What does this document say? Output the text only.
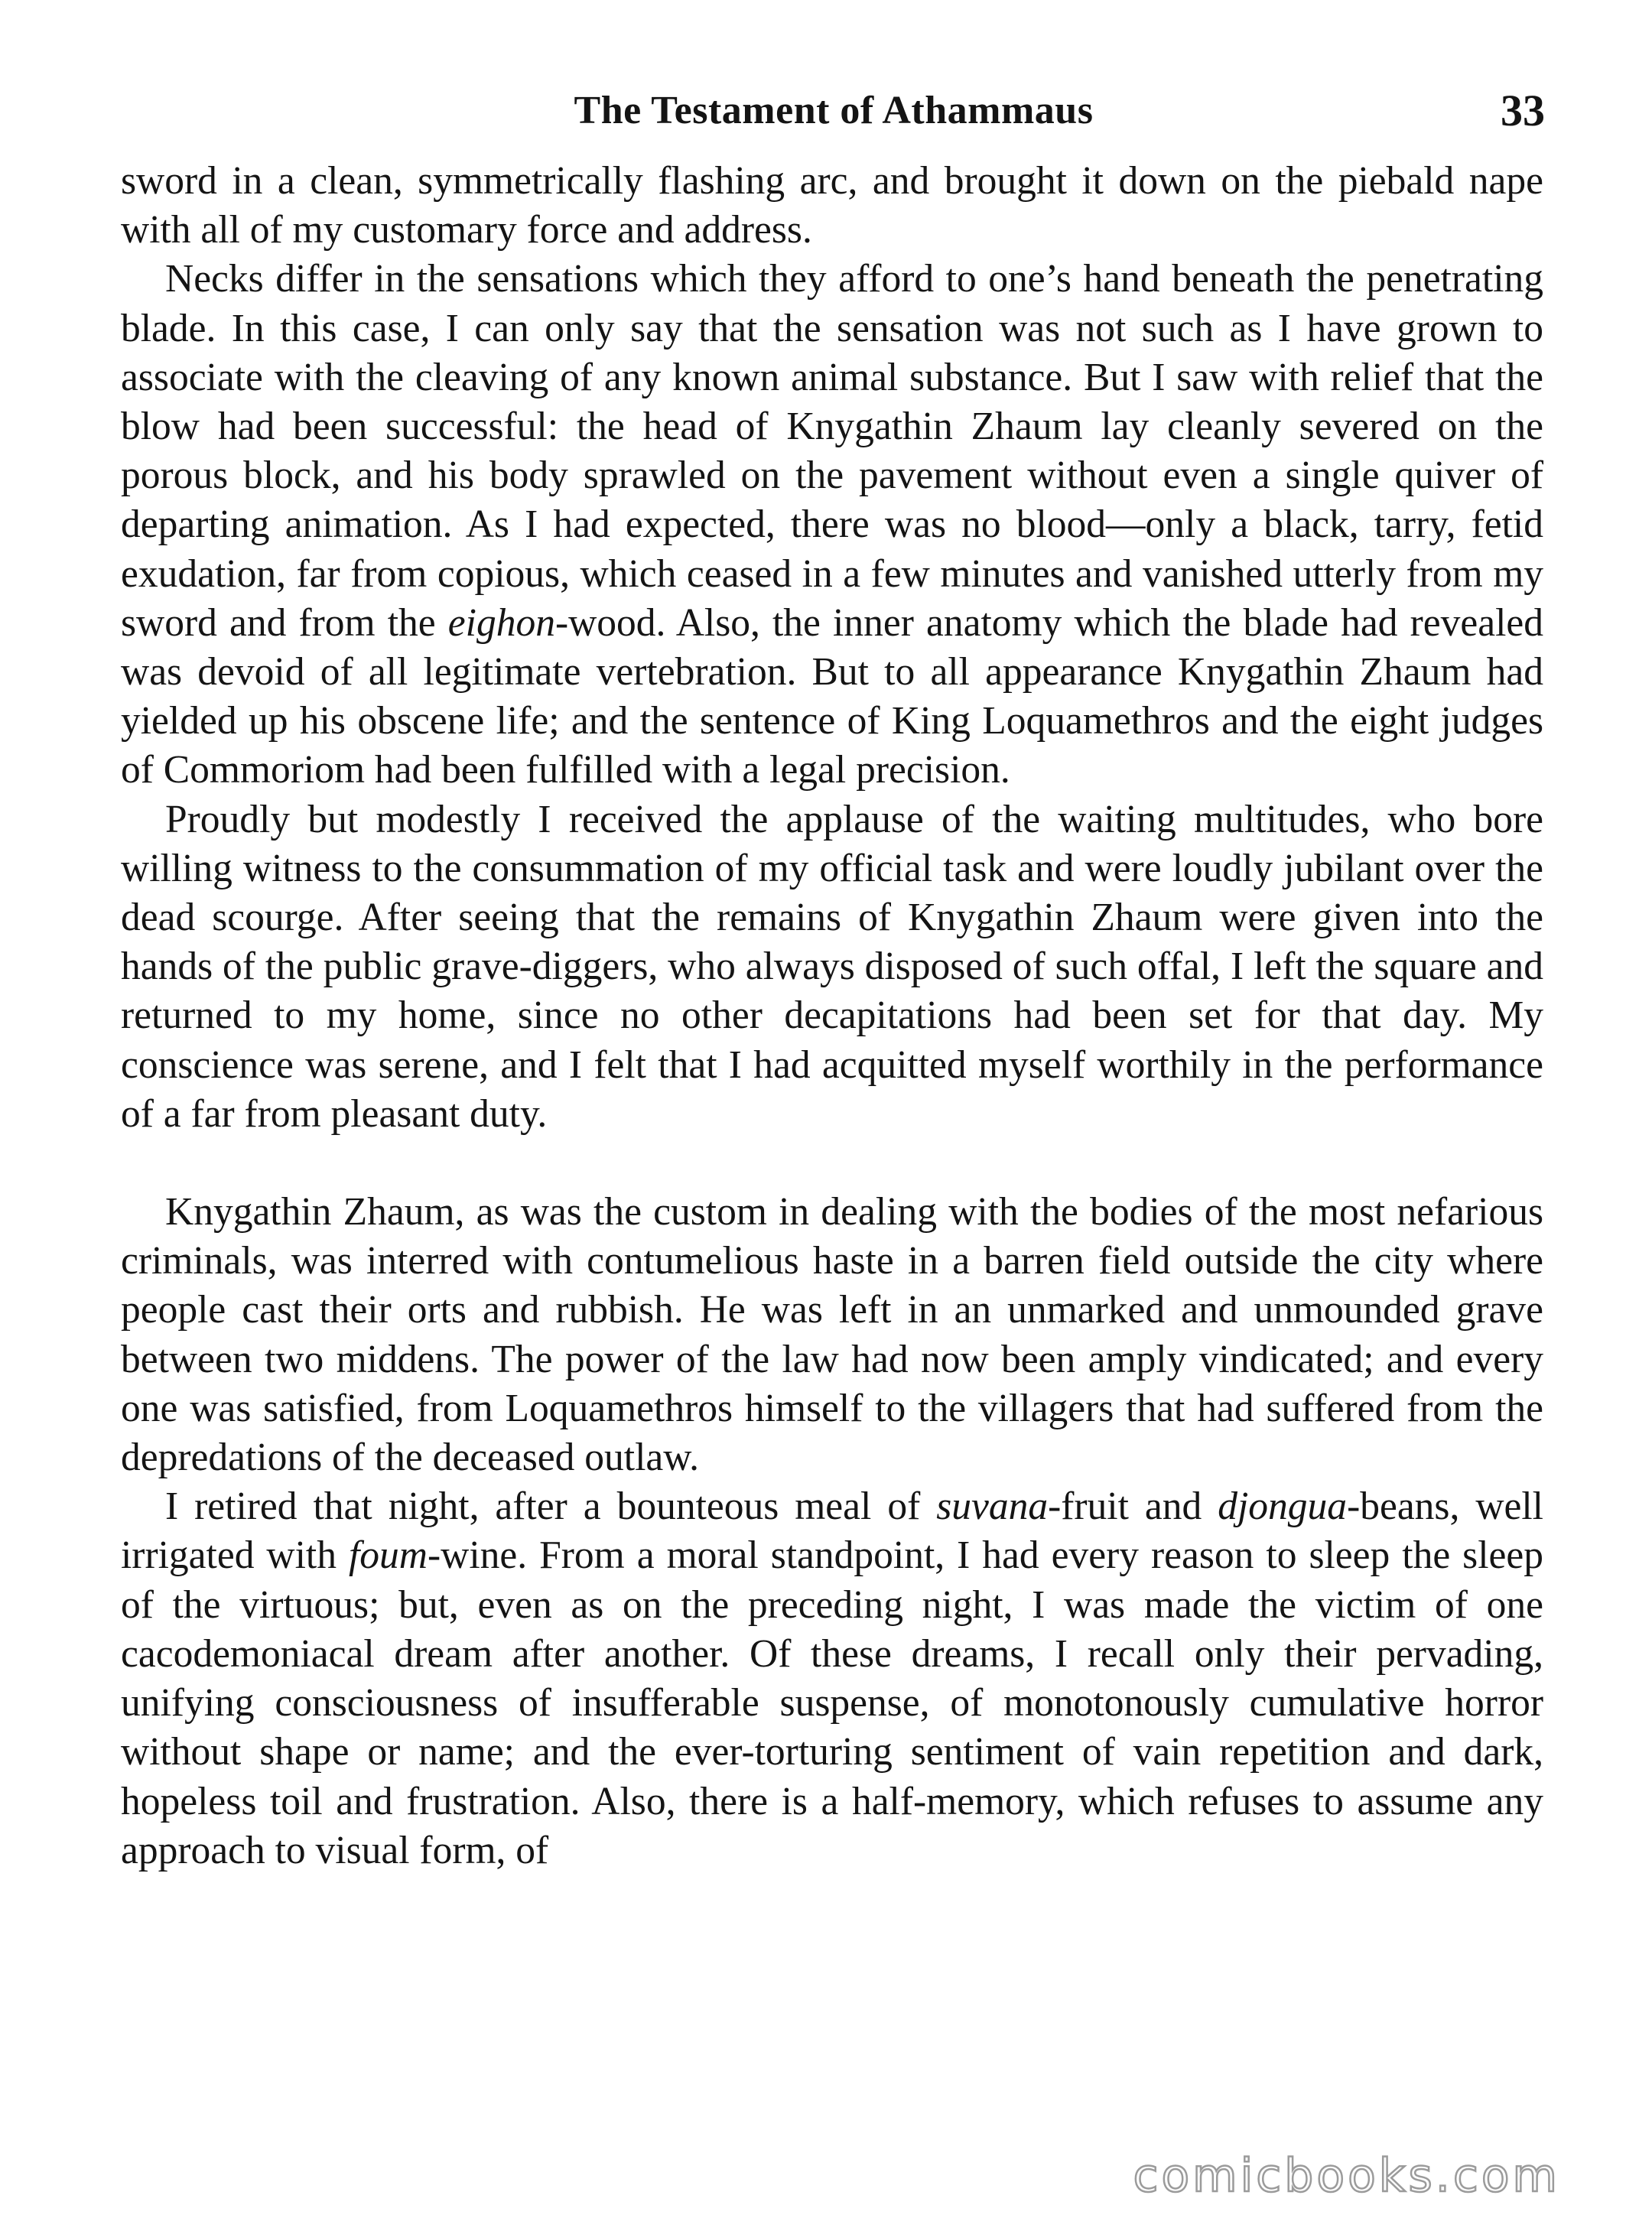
The Testament of Athammaus	33

sword in a clean, symmetrically flashing arc, and brought it down on the piebald nape with all of my customary force and address.

Necks differ in the sensations which they afford to one’s hand beneath the penetrating blade. In this case, I can only say that the sensation was not such as I have grown to associate with the cleaving of any known animal substance. But I saw with relief that the blow had been successful: the head of Knygathin Zhaum lay cleanly severed on the porous block, and his body sprawled on the pavement without even a single quiver of departing animation. As I had expected, there was no blood—only a black, tarry, fetid exudation, far from copious, which ceased in a few minutes and vanished utterly from my sword and from the eighon-wood. Also, the inner anatomy which the blade had revealed was devoid of all legitimate vertebration. But to all appearance Knygathin Zhaum had yielded up his obscene life; and the sentence of King Loquamethros and the eight judges of Commoriom had been fulfilled with a legal precision.

Proudly but modestly I received the applause of the waiting multitudes, who bore willing witness to the consummation of my official task and were loudly jubilant over the dead scourge. After seeing that the remains of Knygathin Zhaum were given into the hands of the public grave-diggers, who always disposed of such offal, I left the square and returned to my home, since no other decapitations had been set for that day. My conscience was serene, and I felt that I had acquitted myself worthily in the performance of a far from pleasant duty.

Knygathin Zhaum, as was the custom in dealing with the bodies of the most nefarious criminals, was interred with contumelious haste in a barren field outside the city where people cast their orts and rubbish. He was left in an unmarked and unmounded grave between two middens. The power of the law had now been amply vindicated; and every one was satisfied, from Loquamethros himself to the villagers that had suffered from the depredations of the deceased outlaw.

I retired that night, after a bounteous meal of suvana-fruit and djongua-beans, well irrigated with foum-wine. From a moral standpoint, I had every reason to sleep the sleep of the virtuous; but, even as on the preceding night, I was made the victim of one cacodemoniacal dream after another. Of these dreams, I recall only their pervading, unifying consciousness of insufferable suspense, of monotonously cumulative horror without shape or name; and the ever-torturing sentiment of vain repetition and dark, hopeless toil and frustration. Also, there is a half-memory, which refuses to assume any approach to visual form, of

comicbooks.com
